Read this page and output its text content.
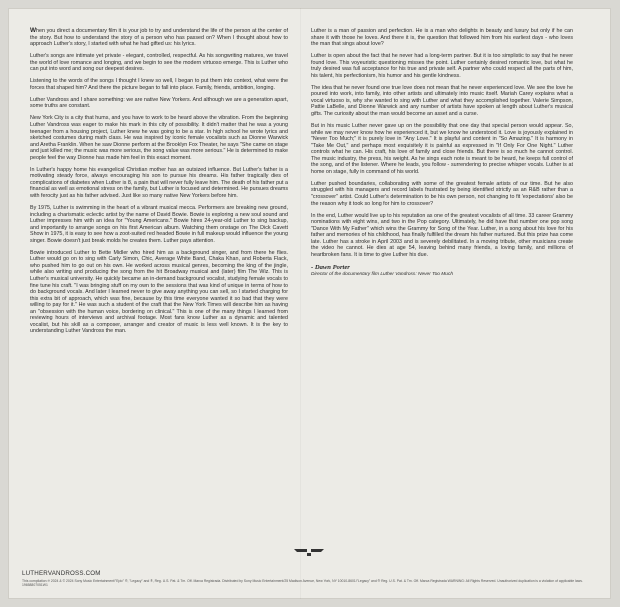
When you direct a documentary film it is your job to try and understand the life of the person at the center of the story. But how to understand the story of a person who has passed on? When I thought about how to approach Luther's story, I started with what he had gifted us: his lyrics.

Luther's songs are intimate yet private - elegant, controlled, respectful. As his songwriting matures, we travel the world of love romance and longing, and we begin to see the modern virtuoso emerge. This is Luther who can put into word and song our deepest desires.

Listening to the words of the songs I thought I knew so well, I began to put them into context, what were the forces that shaped him? And there the picture began to fall into place. Family, friends, ambition, longing.

Luther Vandross and I share something: we are native New Yorkers. And although we are a generation apart, some truths are constant.

New York City is a city that hums, and you have to work to be heard above the vibration. From the beginning Luther Vandross was eager to make his mark in this city of possibility. It didn't matter that he was a young teenager from a housing project, Luther knew he was going to be a star. In high school he wrote lyrics and sketched costumes during math class. He was inspired by iconic female vocalists such as Dionne Warwick and Aretha Franklin. When he saw Dionne perform at the Brooklyn Fox Theater, he says "She came on stage and just killed me; the music was more serious, the song value was more serious." He is determined to make people feel the way Dionne has made him feel in this exact moment.

In Luther's happy home his evangelical Christian mother has an outsized influence. But Luther's father is a motivating steady force, always encouraging his son to pursue his dreams. His father tragically dies of complications of diabetes when Luther is 8, a pain that will never fully leave him. The death of his father put a financial as well as emotional stress on the family, but Luther is focused and determined. He pursues dreams with ferocity just as his father advised. Just like so many native New Yorkers before him.

By 1975, Luther is swimming in the heart of a vibrant musical mecca. Performers are breaking new ground, including a charismatic eclectic artist by the name of David Bowie. Bowie is exploring a new soul sound and Luther impresses him with an idea for "Young Americans." Bowie hires 24-year-old Luther to sing backup, and importantly to arrange songs on his first American album. Watching them onstage on The Dick Cavett Show in 1975, it is easy to see how a zoot-suited red headed Bowie in full makeup would influence the young singer. Bowie doesn't just break molds he creates them. Luther pays attention.

Bowie introduced Luther to Bette Midler who hired him as a background singer, and from there he flies. Luther would go on to sing with Carly Simon, Chic, Average White Band, Chaka Khan, and Roberta Flack, who pushed him to go out on his own. He worked across musical genres, becoming the king of the jingle, while also writing and producing the song from the hit Broadway musical and (later) film The Wiz. This is Luther's musical university. He quickly became an in-demand background vocalist, studying female vocals to fine tune his craft. "I was bringing stuff on my own to the sessions that was kind of unique in terms of how to do background vocals. And later I learned never to give away anything you can sell, so I started charging for this extra bit of approach, which was fine, because by this time everyone wanted it so bad that they were willing to pay for it." He was such a student of the craft that the New York Times will describe him as having an "obsession with the human voice, bordering on clinical." This is one of the many things I learned from reviewing hours of interviews and archival footage. Most fans know Luther as a dynamic and talented vocalist, but his skill as a composer, arranger and creator of music is less well known. It is the key to understanding Luther Vandross the man.

Luther is a man of passion and perfection. He is a man who delights in beauty and luxury but only if he can share it with those he loves. And there it is, the question that followed him from his earliest days - who loves the man that sings about love?

Luther is open about the fact that he never had a long-term partner. But it is too simplistic to say that he never found love. This voyeuristic questioning misses the point. Luther certainly desired romantic love, but what he truly desired was full acceptance for his true and private self. A partner who could respect all the parts of him, his talent, his perfectionism, his humor and his gentle kindness.

The idea that he never found one true love does not mean that he never experienced love. We see the love he poured into work, into family, into other artists and ultimately into music itself. Mariah Carey explains what a vocal virtuoso is, why she wanted to sing with Luther and what they accomplished together. Valerie Simpson, Pattie LaBelle, and Dionne Warwick and any number of artists have spoken at length about Luther's musical gifts. The curiosity about the man would become an asset and a curse.

But in his music Luther never gave up on the possibility that one day that special person would appear. So, while we may never know how he experienced it, but we know he understood it. Love is joyously explained in "Never Too Much;" it is purely love in "Any Love." It is playful and content in "So Amazing." It is harmony in "Take Me Out," and perhaps most exquisitely it is painful as expressed in "If Only For One Night." Luther controls what he can. His craft, his love of family and close friends. But there is so much he cannot control. The music industry, the press, his weight. As he sings each note is meant to be heard, he keeps full control of the song, and of the listener. Where he leads, you follow - surrendering to precise whisper vocals. Luther is at home on stage, fully in command of his world.

Luther pushed boundaries, collaborating with some of the greatest female artists of our time. But he also struggled with his managers and record labels frustrated by being identified strictly as an R&B rather than a "crossover" artist. Could Luther's determination to be his own person, not changing to fit 'expectations' also be the reason why it took so long for him to crossover?

In the end, Luther would live up to his reputation as one of the greatest vocalists of all time. 33 career Grammy nominations with eight wins, and two in the Pop category. Ultimately, he did have that number one pop song "Dance With My Father" which wins the Grammy for Song of the Year. Luther, in a song about his love for his father and memories of his childhood, has finally fulfilled the dream his father nurtured. But this prize has come late. Luther has a stroke in April 2003 and is severely debilitated. In a moving tribute, other musicians create the video he cannot. He dies at age 54, leaving behind many friends, a loving family, and millions of heartbroken fans. It is time to give Luther his due.

- Dawn Porter
Director of the documentary film Luther Vandross: Never Too Much
LUTHERVANDROSS.COM
This compilation ℗ 2024 & © 2024 Sony Music Entertainment/"Epic" ®, "Legacy" and ®, Reg. U.S. Pat. & Tm. Off. Marca Registrada. Distributed by Sony Music Entertainment/25 Madison Avenue, New York, NY 10010-8601/"Legacy" and ® Reg. U.S. Pat. & Tm. Off. Marca Registrada WARNING: All Rights Reserved. Unauthorized duplication is a violation of applicable laws. 19658807051W1
